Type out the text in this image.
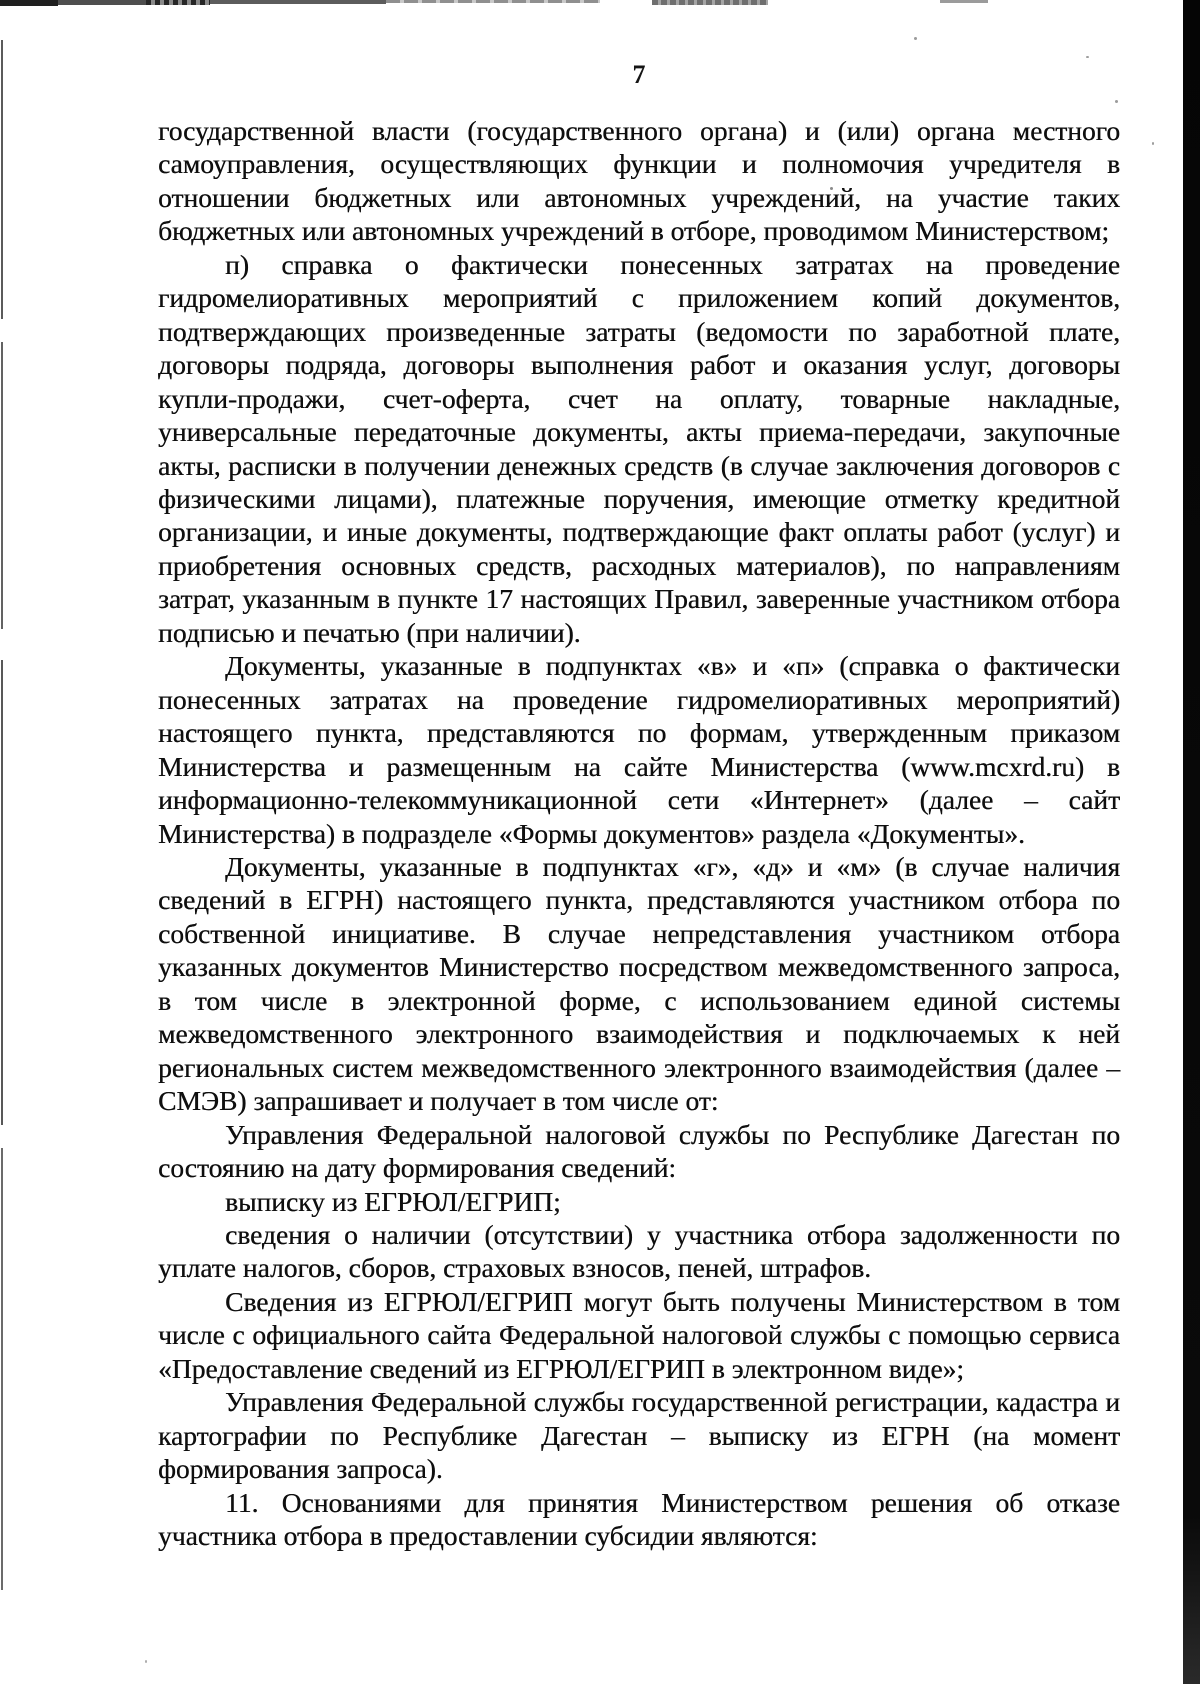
7

государственной власти (государственного органа) и (или) органа местного самоуправления, осуществляющих функции и полномочия учредителя в отношении бюджетных или автономных учреждений, на участие таких бюджетных или автономных учреждений в отборе, проводимом Министерством;

п) справка о фактически понесенных затратах на проведение гидромелиоративных мероприятий с приложением копий документов, подтверждающих произведенные затраты (ведомости по заработной плате, договоры подряда, договоры выполнения работ и оказания услуг, договоры купли-продажи, счет-оферта, счет на оплату, товарные накладные, универсальные передаточные документы, акты приема-передачи, закупочные акты, расписки в получении денежных средств (в случае заключения договоров с физическими лицами), платежные поручения, имеющие отметку кредитной организации, и иные документы, подтверждающие факт оплаты работ (услуг) и приобретения основных средств, расходных материалов), по направлениям затрат, указанным в пункте 17 настоящих Правил, заверенные участником отбора подписью и печатью (при наличии).

Документы, указанные в подпунктах «в» и «п» (справка о фактически понесенных затратах на проведение гидромелиоративных мероприятий) настоящего пункта, представляются по формам, утвержденным приказом Министерства и размещенным на сайте Министерства (www.mcxrd.ru) в информационно-телекоммуникационной сети «Интернет» (далее – сайт Министерства) в подразделе «Формы документов» раздела «Документы».

Документы, указанные в подпунктах «г», «д» и «м» (в случае наличия сведений в ЕГРН) настоящего пункта, представляются участником отбора по собственной инициативе. В случае непредставления участником отбора указанных документов Министерство посредством межведомственного запроса, в том числе в электронной форме, с использованием единой системы межведомственного электронного взаимодействия и подключаемых к ней региональных систем межведомственного электронного взаимодействия (далее – СМЭВ) запрашивает и получает в том числе от:

Управления Федеральной налоговой службы по Республике Дагестан по состоянию на дату формирования сведений:

выписку из ЕГРЮЛ/ЕГРИП;

сведения о наличии (отсутствии) у участника отбора задолженности по уплате налогов, сборов, страховых взносов, пеней, штрафов.

Сведения из ЕГРЮЛ/ЕГРИП могут быть получены Министерством в том числе с официального сайта Федеральной налоговой службы с помощью сервиса «Предоставление сведений из ЕГРЮЛ/ЕГРИП в электронном виде»;

Управления Федеральной службы государственной регистрации, кадастра и картографии по Республике Дагестан – выписку из ЕГРН (на момент формирования запроса).

11. Основаниями для принятия Министерством решения об отказе участника отбора в предоставлении субсидии являются:
